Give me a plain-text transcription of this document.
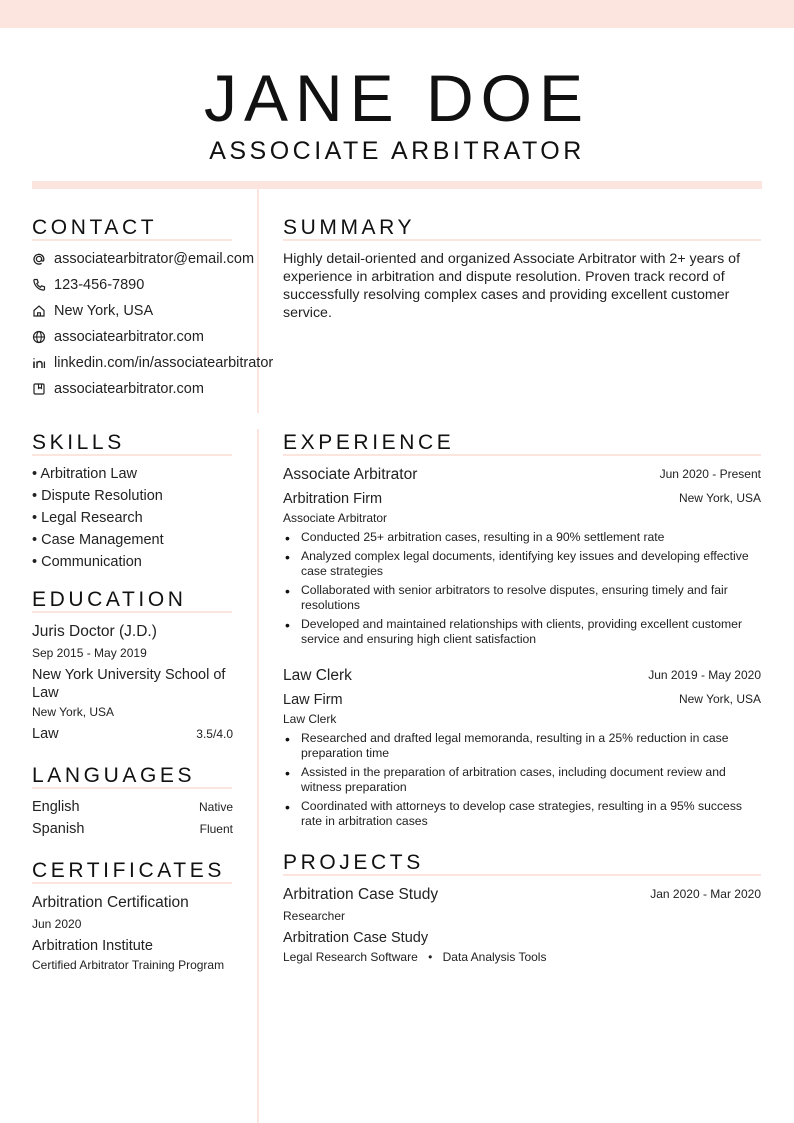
JANE DOE
ASSOCIATE ARBITRATOR
CONTACT
associatearbitrator@email.com
123-456-7890
New York, USA
associatearbitrator.com
linkedin.com/in/associatearbitrator
associatearbitrator.com
SUMMARY
Highly detail-oriented and organized Associate Arbitrator with 2+ years of experience in arbitration and dispute resolution. Proven track record of successfully resolving complex cases and providing excellent customer service.
SKILLS
• Arbitration Law
• Dispute Resolution
• Legal Research
• Case Management
• Communication
EDUCATION
Juris Doctor (J.D.)
Sep 2015 - May 2019
New York University School of Law
New York, USA
Law	3.5/4.0
LANGUAGES
English	Native
Spanish	Fluent
CERTIFICATES
Arbitration Certification
Jun 2020
Arbitration Institute
Certified Arbitrator Training Program
EXPERIENCE
Associate Arbitrator	Jun 2020 - Present
Arbitration Firm	New York, USA
Associate Arbitrator
• Conducted 25+ arbitration cases, resulting in a 90% settlement rate
• Analyzed complex legal documents, identifying key issues and developing effective case strategies
• Collaborated with senior arbitrators to resolve disputes, ensuring timely and fair resolutions
• Developed and maintained relationships with clients, providing excellent customer service and ensuring high client satisfaction
Law Clerk	Jun 2019 - May 2020
Law Firm	New York, USA
Law Clerk
• Researched and drafted legal memoranda, resulting in a 25% reduction in case preparation time
• Assisted in the preparation of arbitration cases, including document review and witness preparation
• Coordinated with attorneys to develop case strategies, resulting in a 95% success rate in arbitration cases
PROJECTS
Arbitration Case Study	Jan 2020 - Mar 2020
Researcher
Arbitration Case Study
Legal Research Software • Data Analysis Tools
